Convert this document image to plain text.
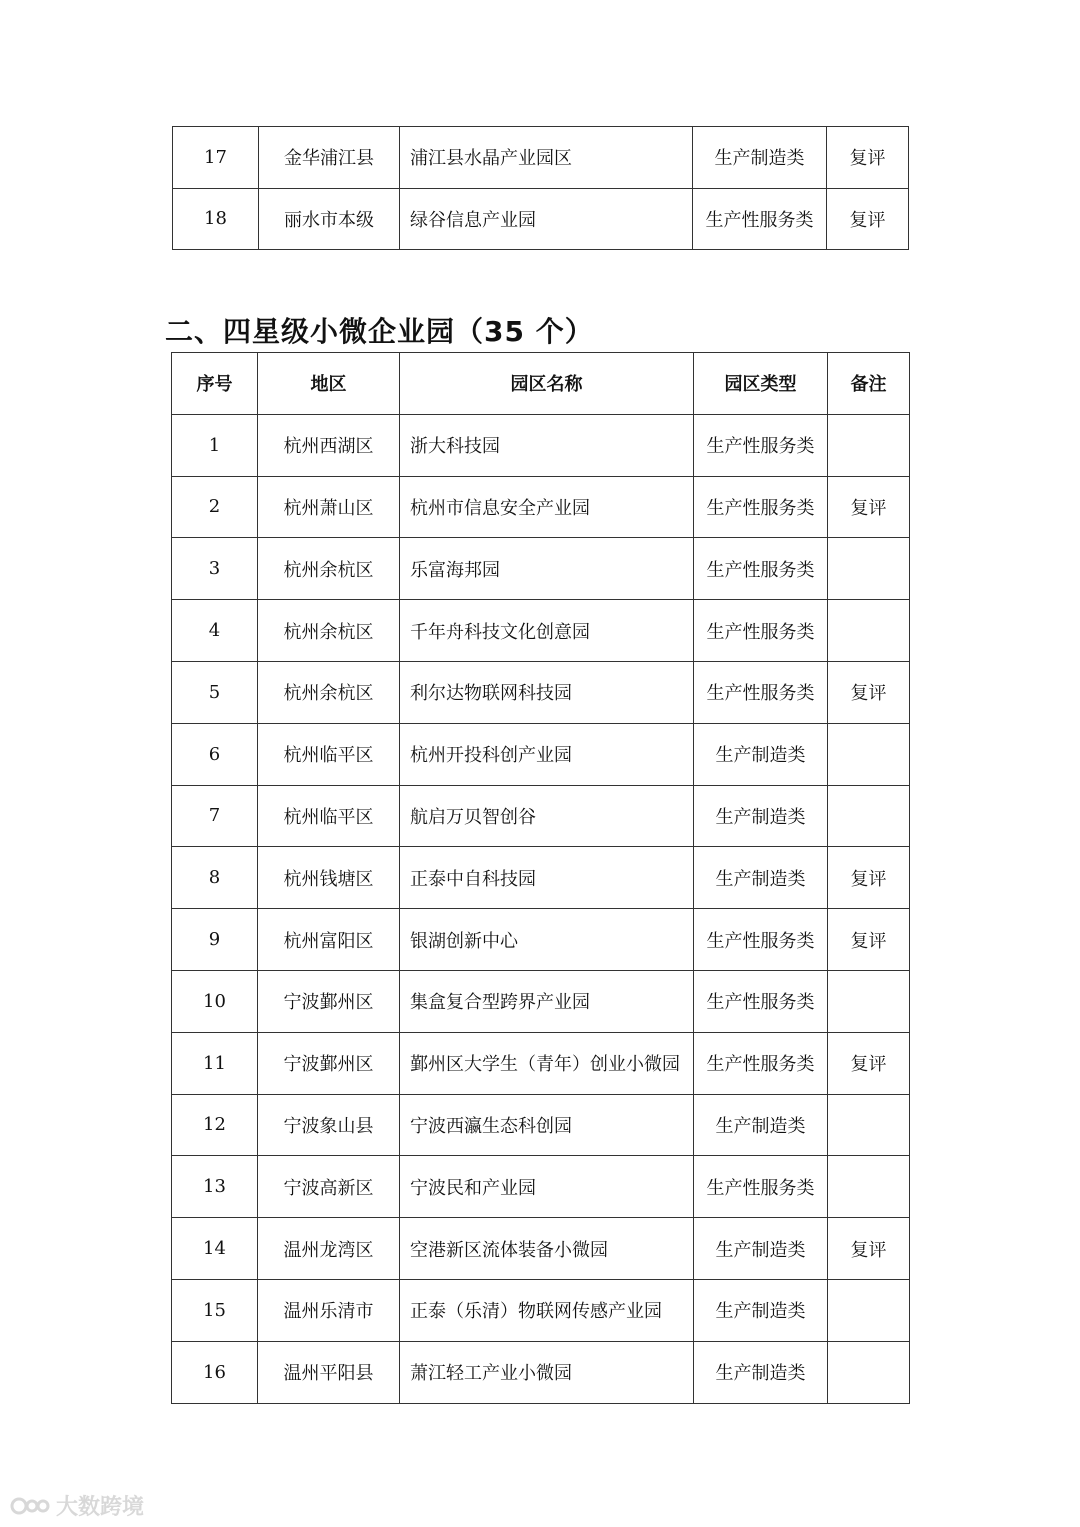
17	金华浦江县	浦江县水晶产业园区	生产制造类	复评
18	丽水市本级	绿谷信息产业园	生产性服务类	复评
二、四星级小微企业园（35 个）
序号	地区	园区名称	园区类型	备注
1	杭州西湖区	浙大科技园	生产性服务类	
2	杭州萧山区	杭州市信息安全产业园	生产性服务类	复评
3	杭州余杭区	乐富海邦园	生产性服务类	
4	杭州余杭区	千年舟科技文化创意园	生产性服务类	
5	杭州余杭区	利尔达物联网科技园	生产性服务类	复评
6	杭州临平区	杭州开投科创产业园	生产制造类	
7	杭州临平区	航启万贝智创谷	生产制造类	
8	杭州钱塘区	正泰中自科技园	生产制造类	复评
9	杭州富阳区	银湖创新中心	生产性服务类	复评
10	宁波鄞州区	集盒复合型跨界产业园	生产性服务类	
11	宁波鄞州区	鄞州区大学生（青年）创业小微园	生产性服务类	复评
12	宁波象山县	宁波西瀛生态科创园	生产制造类	
13	宁波高新区	宁波民和产业园	生产性服务类	
14	温州龙湾区	空港新区流体装备小微园	生产制造类	复评
15	温州乐清市	正泰（乐清）物联网传感产业园	生产制造类	
16	温州平阳县	萧江轻工产业小微园	生产制造类	
大数跨境
